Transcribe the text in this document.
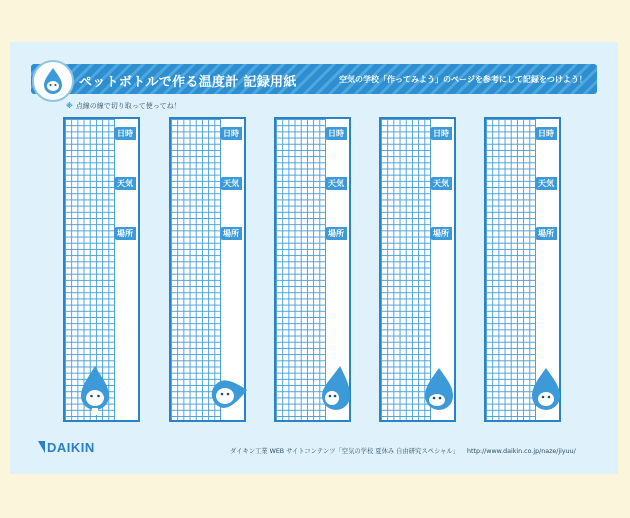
ペットボトルで作る温度計 記録用紙	空気の学校「作ってみよう」のページを参考にして記録をつけよう！
※ 点線の線で切り取って使ってね！
日時
天気
場所
日時
天気
場所
日時
天気
場所
日時
天気
場所
日時
天気
場所
DAIKIN	ダイキン工業 WEB サイトコンテンツ「空気の学校 夏休み 自由研究スペシャル」 http://www.daikin.co.jp/naze/jiyuu/
